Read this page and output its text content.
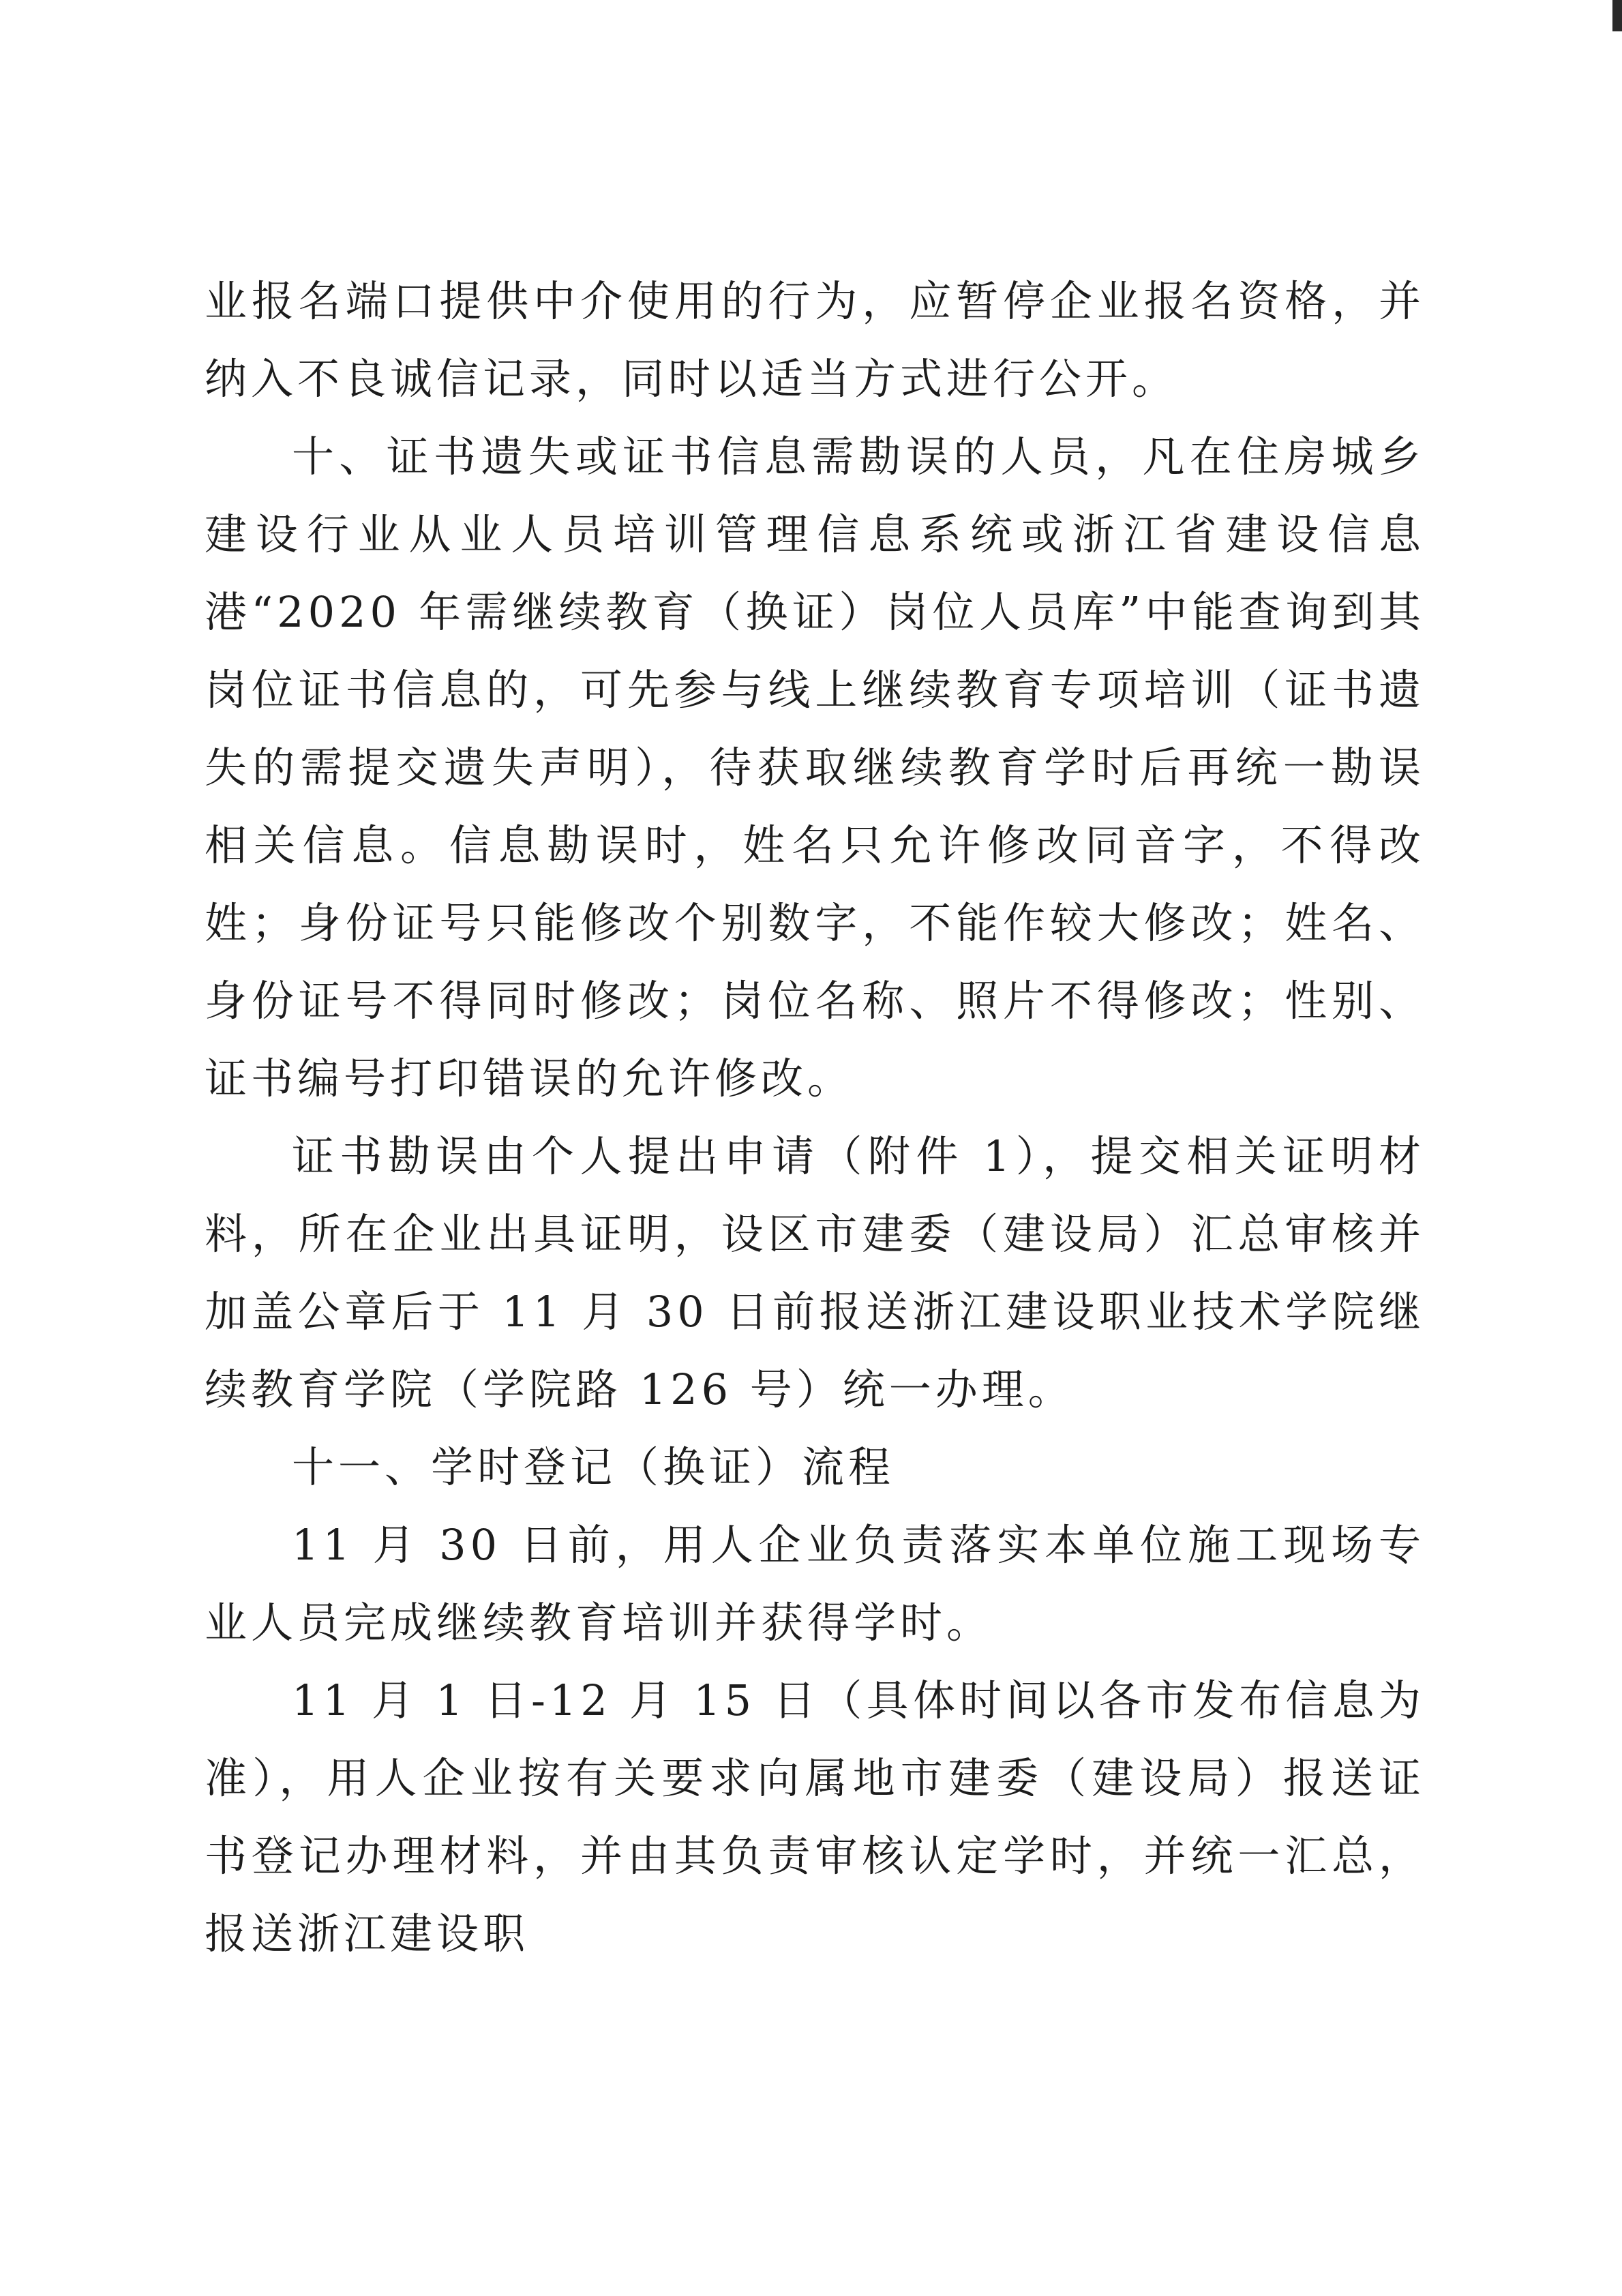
业报名端口提供中介使用的行为，应暂停企业报名资格，并纳入不良诚信记录，同时以适当方式进行公开。

十、证书遗失或证书信息需勘误的人员，凡在住房城乡建设行业从业人员培训管理信息系统或浙江省建设信息港“2020 年需继续教育（换证）岗位人员库”中能查询到其岗位证书信息的，可先参与线上继续教育专项培训（证书遗失的需提交遗失声明），待获取继续教育学时后再统一勘误相关信息。信息勘误时，姓名只允许修改同音字，不得改姓；身份证号只能修改个别数字，不能作较大修改；姓名、身份证号不得同时修改；岗位名称、照片不得修改；性别、证书编号打印错误的允许修改。

证书勘误由个人提出申请（附件 1），提交相关证明材料，所在企业出具证明，设区市建委（建设局）汇总审核并加盖公章后于 11 月 30 日前报送浙江建设职业技术学院继续教育学院（学院路 126 号）统一办理。

十一、学时登记（换证）流程

11 月 30 日前，用人企业负责落实本单位施工现场专业人员完成继续教育培训并获得学时。

11 月 1 日-12 月 15 日（具体时间以各市发布信息为准），用人企业按有关要求向属地市建委（建设局）报送证书登记办理材料，并由其负责审核认定学时，并统一汇总，报送浙江建设职
